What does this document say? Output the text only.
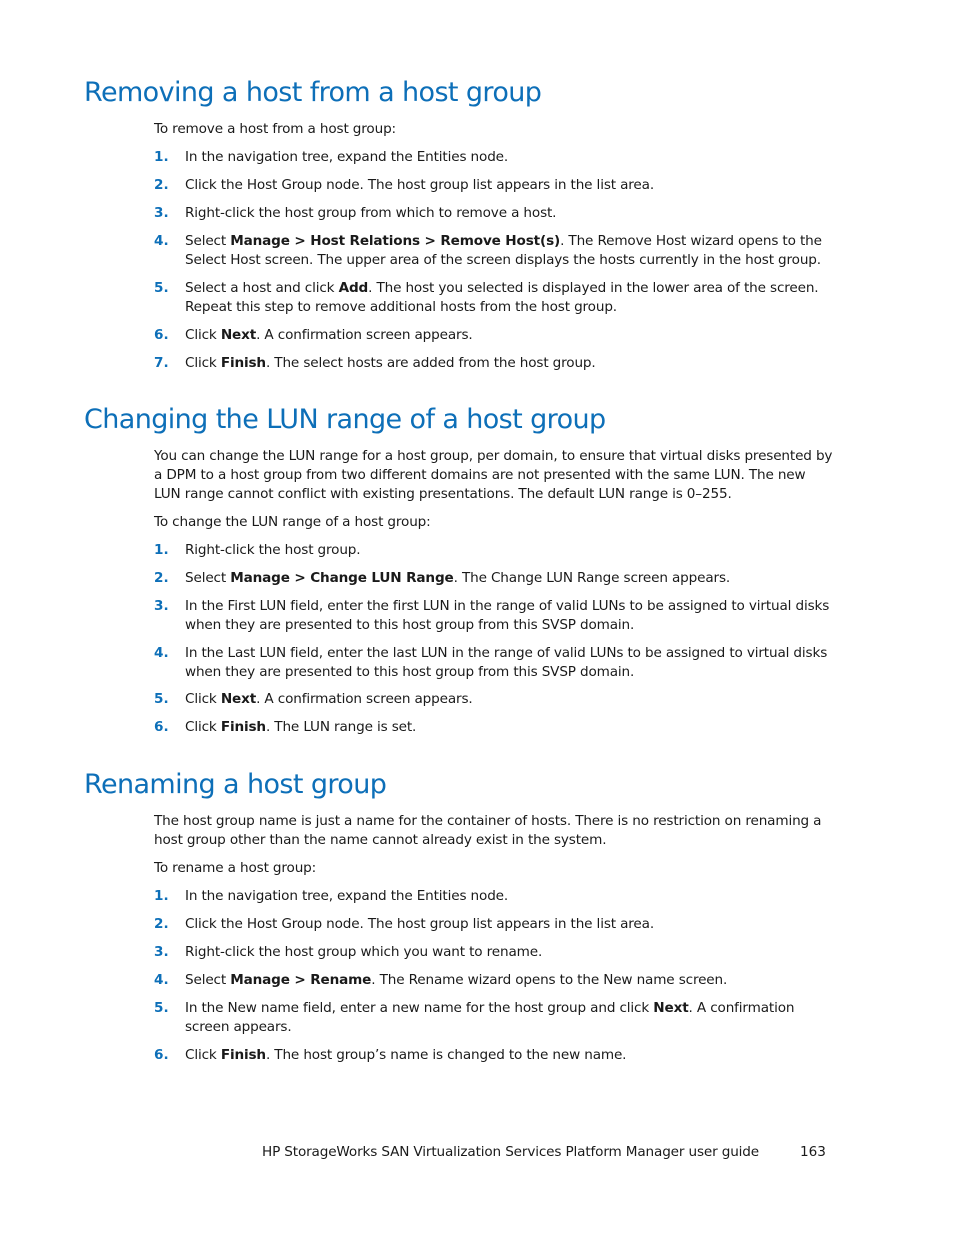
Removing a host from a host group

To remove a host from a host group:

1. In the navigation tree, expand the Entities node.
2. Click the Host Group node. The host group list appears in the list area.
3. Right-click the host group from which to remove a host.
4. Select Manage > Host Relations > Remove Host(s). The Remove Host wizard opens to the Select Host screen. The upper area of the screen displays the hosts currently in the host group.
5. Select a host and click Add. The host you selected is displayed in the lower area of the screen. Repeat this step to remove additional hosts from the host group.
6. Click Next. A confirmation screen appears.
7. Click Finish. The select hosts are added from the host group.
Changing the LUN range of a host group

You can change the LUN range for a host group, per domain, to ensure that virtual disks presented by a DPM to a host group from two different domains are not presented with the same LUN. The new LUN range cannot conflict with existing presentations. The default LUN range is 0–255.

To change the LUN range of a host group:

1. Right-click the host group.
2. Select Manage > Change LUN Range. The Change LUN Range screen appears.
3. In the First LUN field, enter the first LUN in the range of valid LUNs to be assigned to virtual disks when they are presented to this host group from this SVSP domain.
4. In the Last LUN field, enter the last LUN in the range of valid LUNs to be assigned to virtual disks when they are presented to this host group from this SVSP domain.
5. Click Next. A confirmation screen appears.
6. Click Finish. The LUN range is set.
Renaming a host group

The host group name is just a name for the container of hosts. There is no restriction on renaming a host group other than the name cannot already exist in the system.

To rename a host group:

1. In the navigation tree, expand the Entities node.
2. Click the Host Group node. The host group list appears in the list area.
3. Right-click the host group which you want to rename.
4. Select Manage > Rename. The Rename wizard opens to the New name screen.
5. In the New name field, enter a new name for the host group and click Next. A confirmation screen appears.
6. Click Finish. The host group’s name is changed to the new name.
HP StorageWorks SAN Virtualization Services Platform Manager user guide	163
